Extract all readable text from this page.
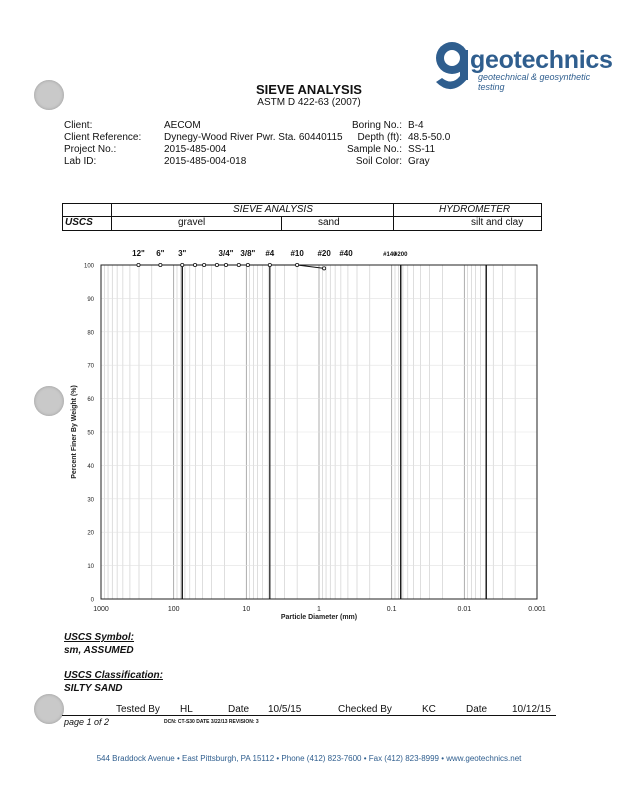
geotechnics
geotechnical & geosynthetic testing
SIEVE ANALYSIS
ASTM D 422-63 (2007)
Client:	AECOM
Client Reference: Dynegy-Wood River Pwr. Sta. 60440115
Project No.:	2015-485-004
Lab ID:	2015-485-004-018
Boring No.: B-4
Depth (ft): 48.5-50.0
Sample No.: SS-11
Soil Color: Gray
SIEVE ANALYSIS	HYDROMETER
USCS	gravel	sand	silt and clay
0
10
20
30
40
50
60
70
80
90
100
1000	100	10	1	0.1	0.01	0.001
Particle Diameter (mm)
Percent Finer By Weight (%)
12" 6" 3"	3/4" 3/8" #4 #10 #20 #40	#140
#200
USCS Symbol:
sm, ASSUMED
USCS Classification:
SILTY SAND
Tested By HL	Date 10/5/15	Checked By	KC	Date 10/12/15
page 1 of 2	DCN: CT-S30 DATE 3/22/13 REVISION: 3
544 Braddock Avenue • East Pittsburgh, PA 15112 • Phone (412) 823-7600 • Fax (412) 823-8999 • www.geotechnics.net
